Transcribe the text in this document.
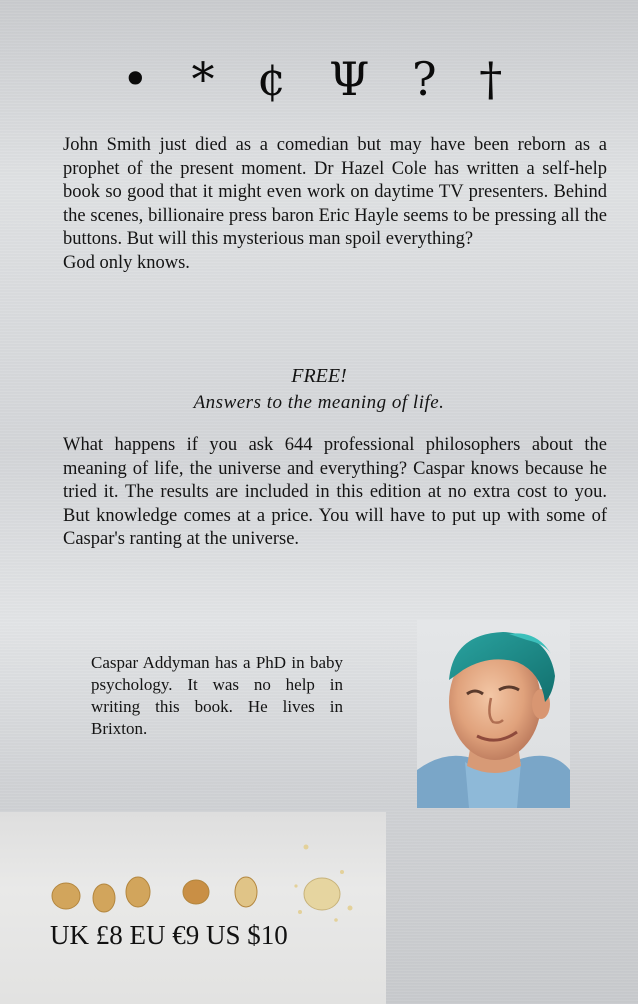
• * ¢ Ψ ? †

John Smith just died as a comedian but may have been reborn as a prophet of the present moment. Dr Hazel Cole has written a self-help book so good that it might even work on daytime TV presenters. Behind the scenes, billionaire press baron Eric Hayle seems to be pressing all the buttons. But will this mysterious man spoil everything?
God only knows.

FREE!
Answers to the meaning of life.

What happens if you ask 644 professional philosophers about the meaning of life, the universe and everything? Caspar knows because he tried it. The results are included in this edition at no extra cost to you. But knowledge comes at a price. You will have to put up with some of Caspar's ranting at the universe.

Caspar Addyman has a PhD in baby psychology. It was no help in writing this book. He lives in Brixton.

UK £8 EU €9 US $10
